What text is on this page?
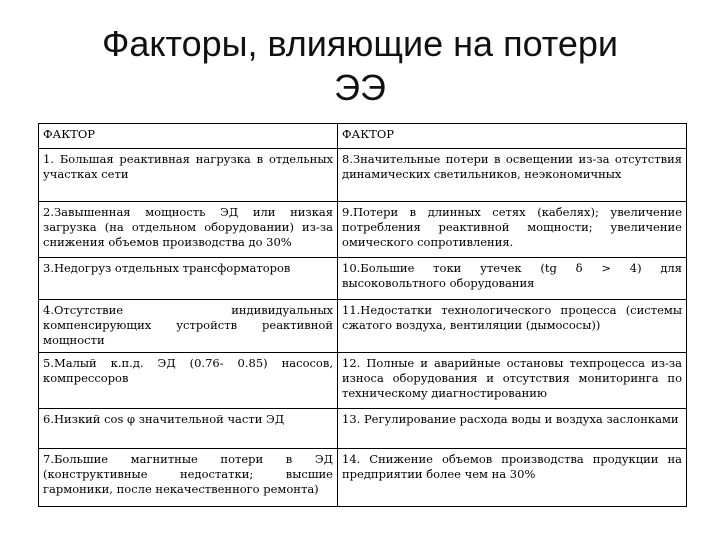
Факторы, влияющие на потери
ЭЭ
ФАКТОР	ФАКТОР
1. Большая реактивная нагрузка в отдельных участках сети	8.Значительные потери в освещении из-за отсутствия динамических светильников, неэкономичных
2.Завышенная мощность ЭД или низкая загрузка (на отдельном оборудовании) из-за снижения объемов производства до 30%	9.Потери в длинных сетях (кабелях); увеличение потребления реактивной мощности; увеличение омического сопротивления.
3.Недогруз отдельных трансформаторов	10.Большие токи утечек (tg δ > 4) для высоковольтного оборудования
4.Отсутствие индивидуальных компенсирующих устройств реактивной мощности	11.Недостатки технологического процесса (системы сжатого воздуха, вентиляции (дымососы))
5.Малый к.п.д. ЭД (0.76- 0.85) насосов, компрессоров	12. Полные и аварийные остановы техпроцесса из-за износа оборудования и отсутствия мониторинга по техническому диагностированию
6.Низкий cos φ значительной части ЭД	13. Регулирование расхода воды и воздуха заслонками
7.Большие магнитные потери в ЭД (конструктивные недостатки; высшие гармоники, после некачественного ремонта)	14. Снижение объемов производства продукции на предприятии более чем на 30%
